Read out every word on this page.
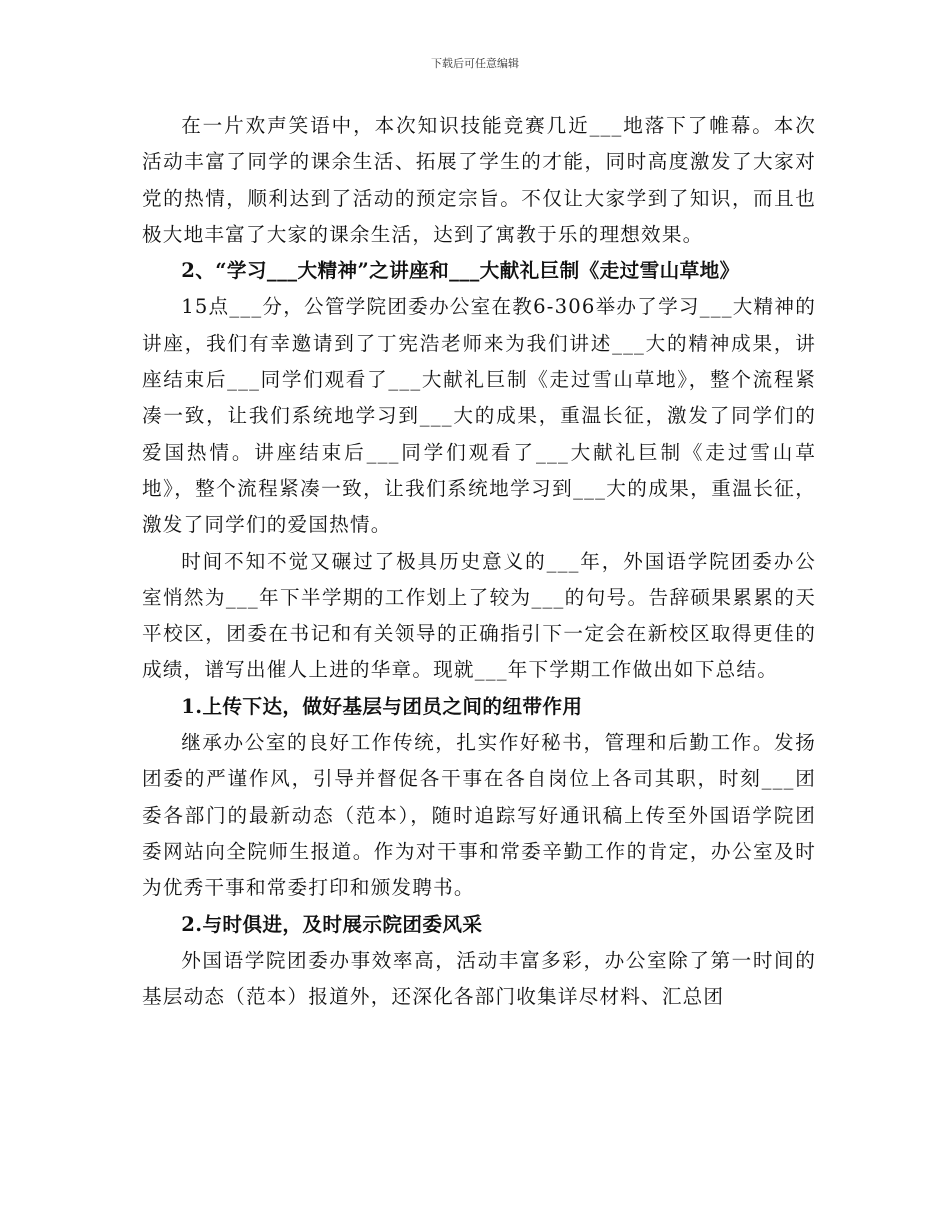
下载后可任意编辑

在一片欢声笑语中，本次知识技能竞赛几近___地落下了帷幕。本次活动丰富了同学的课余生活、拓展了学生的才能，同时高度激发了大家对党的热情，顺利达到了活动的预定宗旨。不仅让大家学到了知识，而且也极大地丰富了大家的课余生活，达到了寓教于乐的理想效果。

2、“学习___大精神”之讲座和___大献礼巨制《走过雪山草地》

15点___分，公管学院团委办公室在教6-306举办了学习___大精神的讲座，我们有幸邀请到了丁宪浩老师来为我们讲述___大的精神成果，讲座结束后___同学们观看了___大献礼巨制《走过雪山草地》，整个流程紧凑一致，让我们系统地学习到___大的成果，重温长征，激发了同学们的爱国热情。讲座结束后___同学们观看了___大献礼巨制《走过雪山草地》，整个流程紧凑一致，让我们系统地学习到___大的成果，重温长征，激发了同学们的爱国热情。

时间不知不觉又碾过了极具历史意义的___年，外国语学院团委办公室悄然为___年下半学期的工作划上了较为___的句号。告辞硕果累累的天平校区，团委在书记和有关领导的正确指引下一定会在新校区取得更佳的成绩，谱写出催人上进的华章。现就___年下学期工作做出如下总结。

1.上传下达，做好基层与团员之间的纽带作用

继承办公室的良好工作传统，扎实作好秘书，管理和后勤工作。发扬团委的严谨作风，引导并督促各干事在各自岗位上各司其职，时刻___团委各部门的最新动态（范本），随时追踪写好通讯稿上传至外国语学院团委网站向全院师生报道。作为对干事和常委辛勤工作的肯定，办公室及时为优秀干事和常委打印和颁发聘书。

2.与时俱进，及时展示院团委风采

外国语学院团委办事效率高，活动丰富多彩，办公室除了第一时间的基层动态（范本）报道外，还深化各部门收集详尽材料、汇总团
